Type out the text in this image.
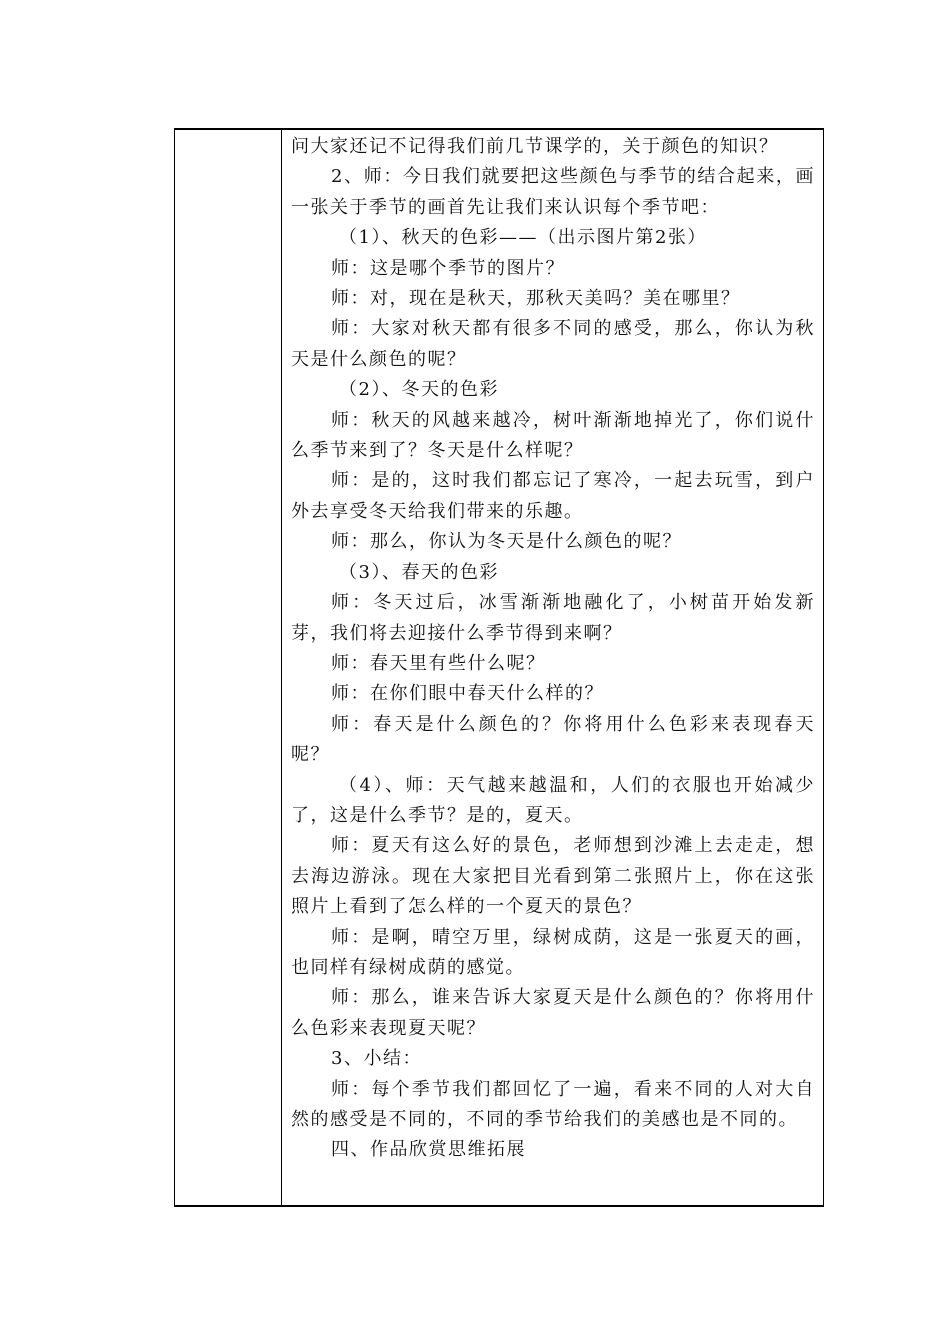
问大家还记不记得我们前几节课学的，关于颜色的知识？

2、师：今日我们就要把这些颜色与季节的结合起来，画一张关于季节的画首先让我们来认识每个季节吧：

（1）、秋天的色彩——（出示图片第2张）

师：这是哪个季节的图片？

师：对，现在是秋天，那秋天美吗？美在哪里？

师：大家对秋天都有很多不同的感受，那么，你认为秋天是什么颜色的呢？

（2）、冬天的色彩

师：秋天的风越来越冷，树叶渐渐地掉光了，你们说什么季节来到了？冬天是什么样呢？

师：是的，这时我们都忘记了寒冷，一起去玩雪，到户外去享受冬天给我们带来的乐趣。

师：那么，你认为冬天是什么颜色的呢？

（3）、春天的色彩

师：冬天过后，冰雪渐渐地融化了，小树苗开始发新芽，我们将去迎接什么季节得到来啊？

师：春天里有些什么呢？

师：在你们眼中春天什么样的？

师：春天是什么颜色的？你将用什么色彩来表现春天呢？

（4）、师：天气越来越温和，人们的衣服也开始减少了，这是什么季节？是的，夏天。

师：夏天有这么好的景色，老师想到沙滩上去走走，想去海边游泳。现在大家把目光看到第二张照片上，你在这张照片上看到了怎么样的一个夏天的景色？

师：是啊，晴空万里，绿树成荫，这是一张夏天的画，也同样有绿树成荫的感觉。

师：那么，谁来告诉大家夏天是什么颜色的？你将用什么色彩来表现夏天呢？

3、小结：

师：每个季节我们都回忆了一遍，看来不同的人对大自然的感受是不同的，不同的季节给我们的美感也是不同的。

四、作品欣赏思维拓展
